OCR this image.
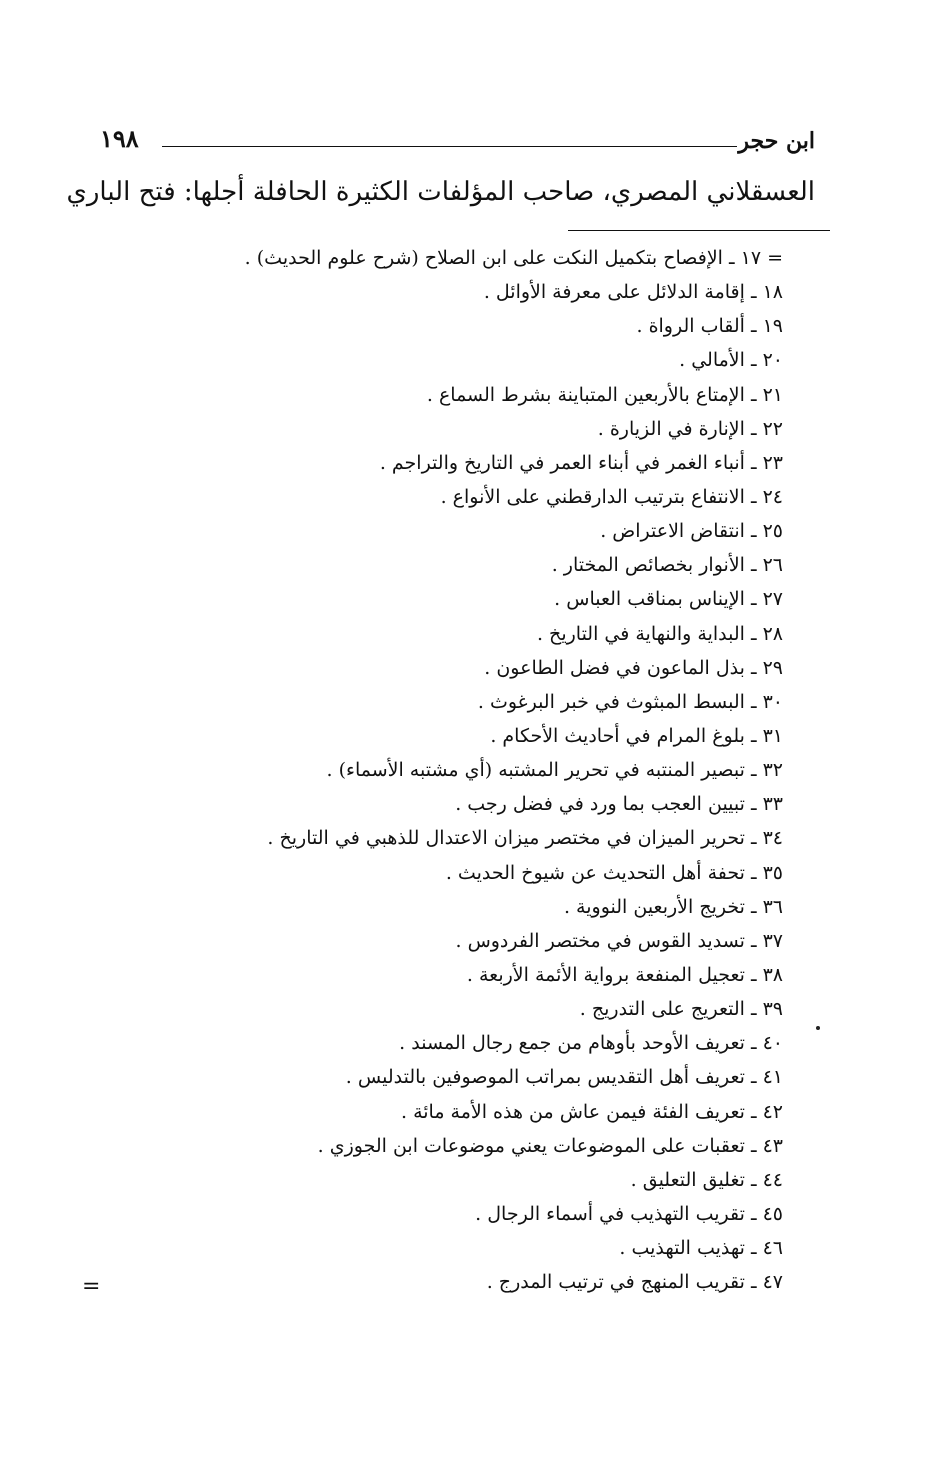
ابن حجر
١٩٨
العسقلاني المصري، صاحب المؤلفات الكثيرة الحافلة أجلها: فتح الباري
= ١٧ ـ الإفصاح بتكميل النكت على ابن الصلاح (شرح علوم الحديث) .
١٨ ـ إقامة الدلائل على معرفة الأوائل .
١٩ ـ ألقاب الرواة .
٢٠ ـ الأمالي .
٢١ ـ الإمتاع بالأربعين المتباينة بشرط السماع .
٢٢ ـ الإنارة في الزيارة .
٢٣ ـ أنباء الغمر في أبناء العمر في التاريخ والتراجم .
٢٤ ـ الانتفاع بترتيب الدارقطني على الأنواع .
٢٥ ـ انتقاض الاعتراض .
٢٦ ـ الأنوار بخصائص المختار .
٢٧ ـ الإيناس بمناقب العباس .
٢٨ ـ البداية والنهاية في التاريخ .
٢٩ ـ بذل الماعون في فضل الطاعون .
٣٠ ـ البسط المبثوث في خبر البرغوث .
٣١ ـ بلوغ المرام في أحاديث الأحكام .
٣٢ ـ تبصير المنتبه في تحرير المشتبه (أي مشتبه الأسماء) .
٣٣ ـ تبيين العجب بما ورد في فضل رجب .
٣٤ ـ تحرير الميزان في مختصر ميزان الاعتدال للذهبي في التاريخ .
٣٥ ـ تحفة أهل التحديث عن شيوخ الحديث .
٣٦ ـ تخريج الأربعين النووية .
٣٧ ـ تسديد القوس في مختصر الفردوس .
٣٨ ـ تعجيل المنفعة برواية الأئمة الأربعة .
٣٩ ـ التعريج على التدريج .
٤٠ ـ تعريف الأوحد بأوهام من جمع رجال المسند .
٤١ ـ تعريف أهل التقديس بمراتب الموصوفين بالتدليس .
٤٢ ـ تعريف الفئة فيمن عاش من هذه الأمة مائة .
٤٣ ـ تعقبات على الموضوعات يعني موضوعات ابن الجوزي .
٤٤ ـ تغليق التعليق .
٤٥ ـ تقريب التهذيب في أسماء الرجال .
٤٦ ـ تهذيب التهذيب .
٤٧ ـ تقريب المنهج في ترتيب المدرج .
=
